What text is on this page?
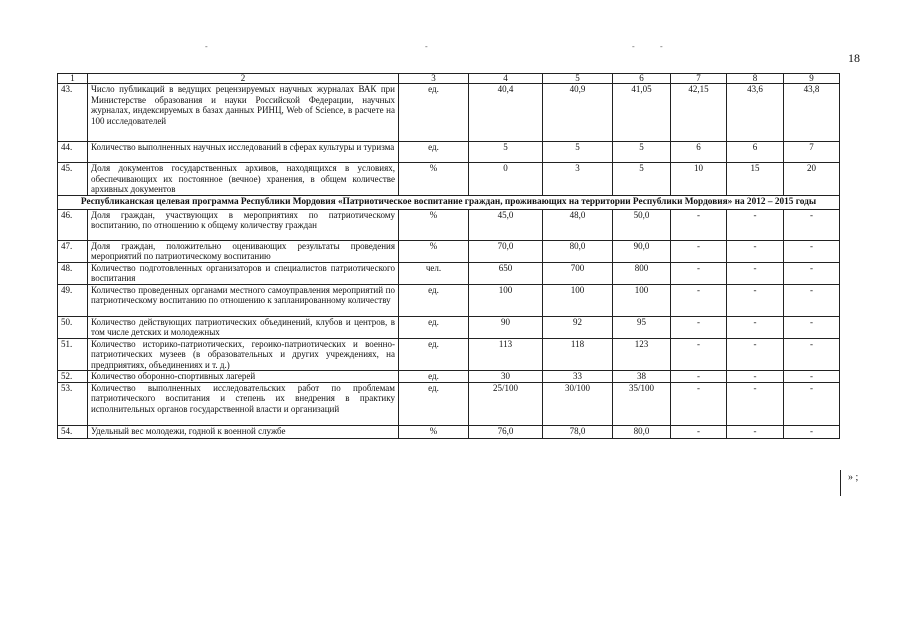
-	-	-	-
18
1	2	3	4	5	6	7	8	9
43.	Число публикаций в ведущих рецензируемых научных журналах ВАК при Министерстве образования и науки Российской Федерации, научных журналах, индексируемых в базах данных РИНЦ, Web of Science, в расчете на 100 исследователей	ед.	40,4	40,9	41,05	42,15	43,6	43,8
44.	Количество выполненных научных исследований в сферах культуры и туризма	ед.	5	5	5	6	6	7
45.	Доля документов государственных архивов, находящихся в условиях, обеспечивающих их постоянное (вечное) хранения, в общем количестве архивных документов	%	0	3	5	10	15	20
Республиканская целевая программа Республики Мордовия «Патриотическое воспитание граждан, проживающих на территории Республики Мордовия» на 2012 – 2015 годы								
46.	Доля граждан, участвующих в мероприятиях по патриотическому воспитанию, по отношению к общему количеству граждан	%	45,0	48,0	50,0	-	-	-
47.	Доля граждан, положительно оценивающих результаты проведения мероприятий по патриотическому воспитанию	%	70,0	80,0	90,0	-	-	-
48.	Количество подготовленных организаторов и специалистов патриотического воспитания	чел.	650	700	800	-	-	-
49.	Количество проведенных органами местного самоуправления мероприятий по патриотическому воспитанию по отношению к запланированному количеству	ед.	100	100	100	-	-	-
50.	Количество действующих патриотических объединений, клубов и центров, в том числе детских и молодежных	ед.	90	92	95	-	-	-
51.	Количество историко-патриотических, героико-патриотических и военно-патриотических музеев (в образовательных и других учреждениях, на предприятиях, объединениях и т. д.)	ед.	113	118	123	-	-	-
52.	Количество оборонно-спортивных лагерей	ед.	30	33	38	-	-	-
53.	Количество выполненных исследовательских работ по проблемам патриотического воспитания и степень их внедрения в практику исполнительных органов государственной власти и организаций	ед.	25/100	30/100	35/100	-	-	-
54.	Удельный вес молодежи, годной к военной службе	%	76,0	78,0	80,0	-	-	-
» ;
